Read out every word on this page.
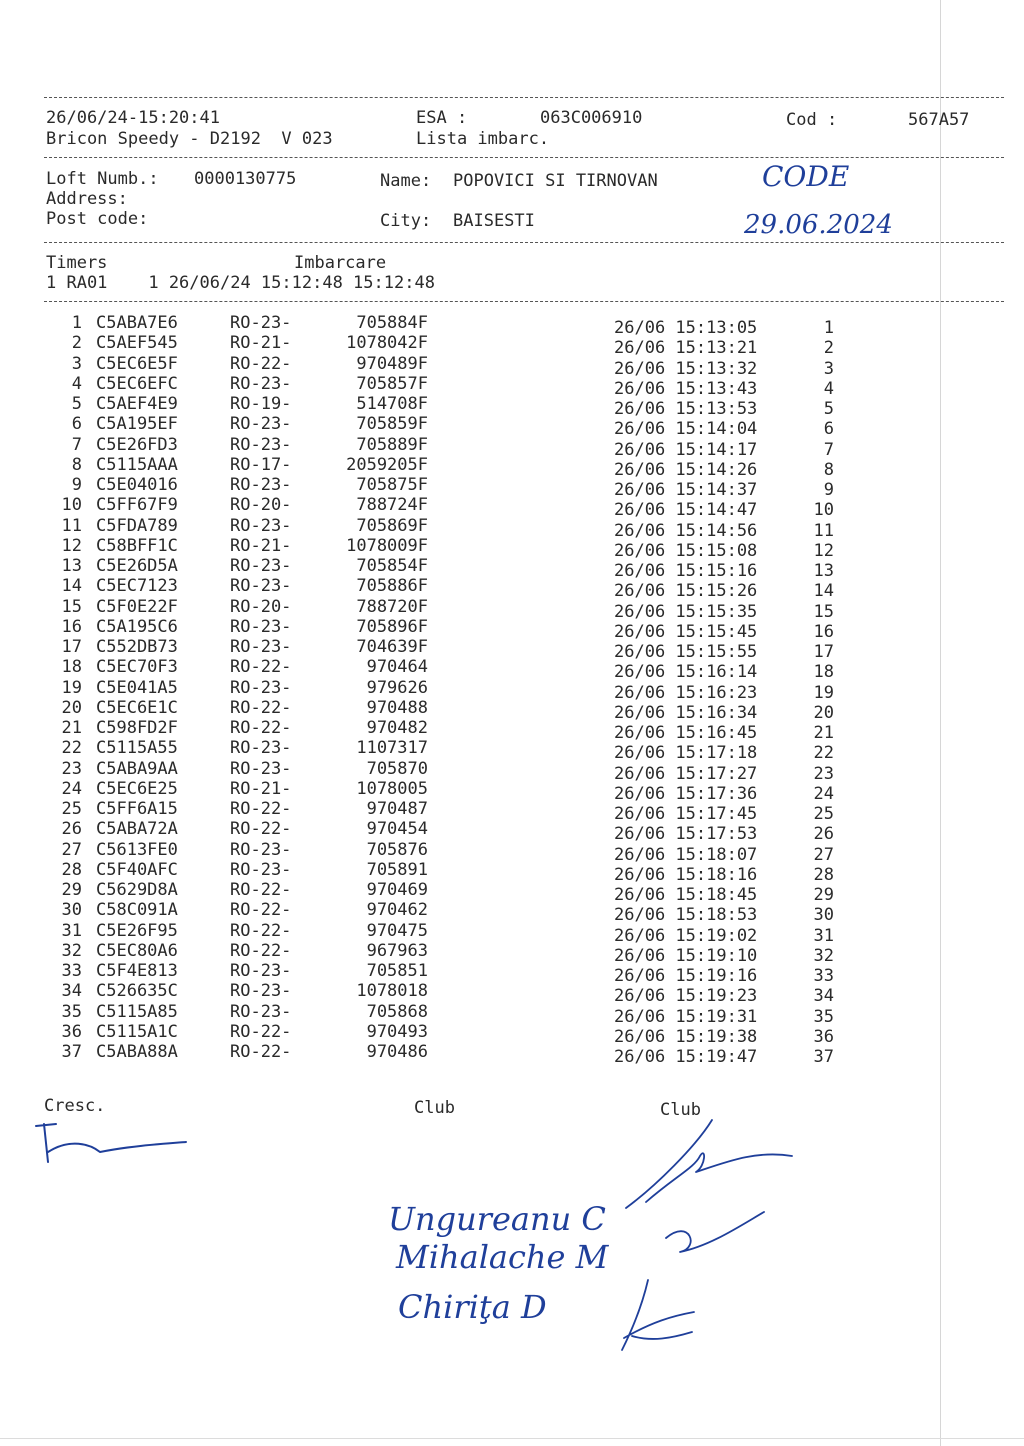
26/06/24-15:20:41	ESA :	063C006910	Cod :	567A57
Bricon Speedy - D2192  V 023	Lista imbarc.
Loft Numb.: 0000130775	Name: POPOVICI SI TIRNOVAN
Address:
Post code:	City: BAISESTI
CODE
29.06.2024
Timers	Imbarcare
1 RA01    1 26/06/24 15:12:48 15:12:48
1 C5ABA7E6	RO-23-	705884F	26/06 15:13:05	1
2 C5AEF545	RO-21-	1078042F	26/06 15:13:21	2
3 C5EC6E5F	RO-22-	970489F	26/06 15:13:32	3
4 C5EC6EFC	RO-23-	705857F	26/06 15:13:43	4
5 C5AEF4E9	RO-19-	514708F	26/06 15:13:53	5
6 C5A195EF	RO-23-	705859F	26/06 15:14:04	6
7 C5E26FD3	RO-23-	705889F	26/06 15:14:17	7
8 C5115AAA	RO-17-	2059205F	26/06 15:14:26	8
9 C5E04016	RO-23-	705875F	26/06 15:14:37	9
10 C5FF67F9	RO-20-	788724F	26/06 15:14:47	10
11 C5FDA789	RO-23-	705869F	26/06 15:14:56	11
12 C58BFF1C	RO-21-	1078009F	26/06 15:15:08	12
13 C5E26D5A	RO-23-	705854F	26/06 15:15:16	13
14 C5EC7123	RO-23-	705886F	26/06 15:15:26	14
15 C5F0E22F	RO-20-	788720F	26/06 15:15:35	15
16 C5A195C6	RO-23-	705896F	26/06 15:15:45	16
17 C552DB73	RO-23-	704639F	26/06 15:15:55	17
18 C5EC70F3	RO-22-	970464	26/06 15:16:14	18
19 C5E041A5	RO-23-	979626	26/06 15:16:23	19
20 C5EC6E1C	RO-22-	970488	26/06 15:16:34	20
21 C598FD2F	RO-22-	970482	26/06 15:16:45	21
22 C5115A55	RO-23-	1107317	26/06 15:17:18	22
23 C5ABA9AA	RO-23-	705870	26/06 15:17:27	23
24 C5EC6E25	RO-21-	1078005	26/06 15:17:36	24
25 C5FF6A15	RO-22-	970487	26/06 15:17:45	25
26 C5ABA72A	RO-22-	970454	26/06 15:17:53	26
27 C5613FE0	RO-23-	705876	26/06 15:18:07	27
28 C5F40AFC	RO-23-	705891	26/06 15:18:16	28
29 C5629D8A	RO-22-	970469	26/06 15:18:45	29
30 C58C091A	RO-22-	970462	26/06 15:18:53	30
31 C5E26F95	RO-22-	970475	26/06 15:19:02	31
32 C5EC80A6	RO-22-	967963	26/06 15:19:10	32
33 C5F4E813	RO-23-	705851	26/06 15:19:16	33
34 C526635C	RO-23-	1078018	26/06 15:19:23	34
35 C5115A85	RO-23-	705868	26/06 15:19:31	35
36 C5115A1C	RO-22-	970493	26/06 15:19:38	36
37 C5ABA88A	RO-22-	970486	26/06 15:19:47	37
Cresc.	Club	Club
Ungureanu C
Mihalache M
Chiriţa D
